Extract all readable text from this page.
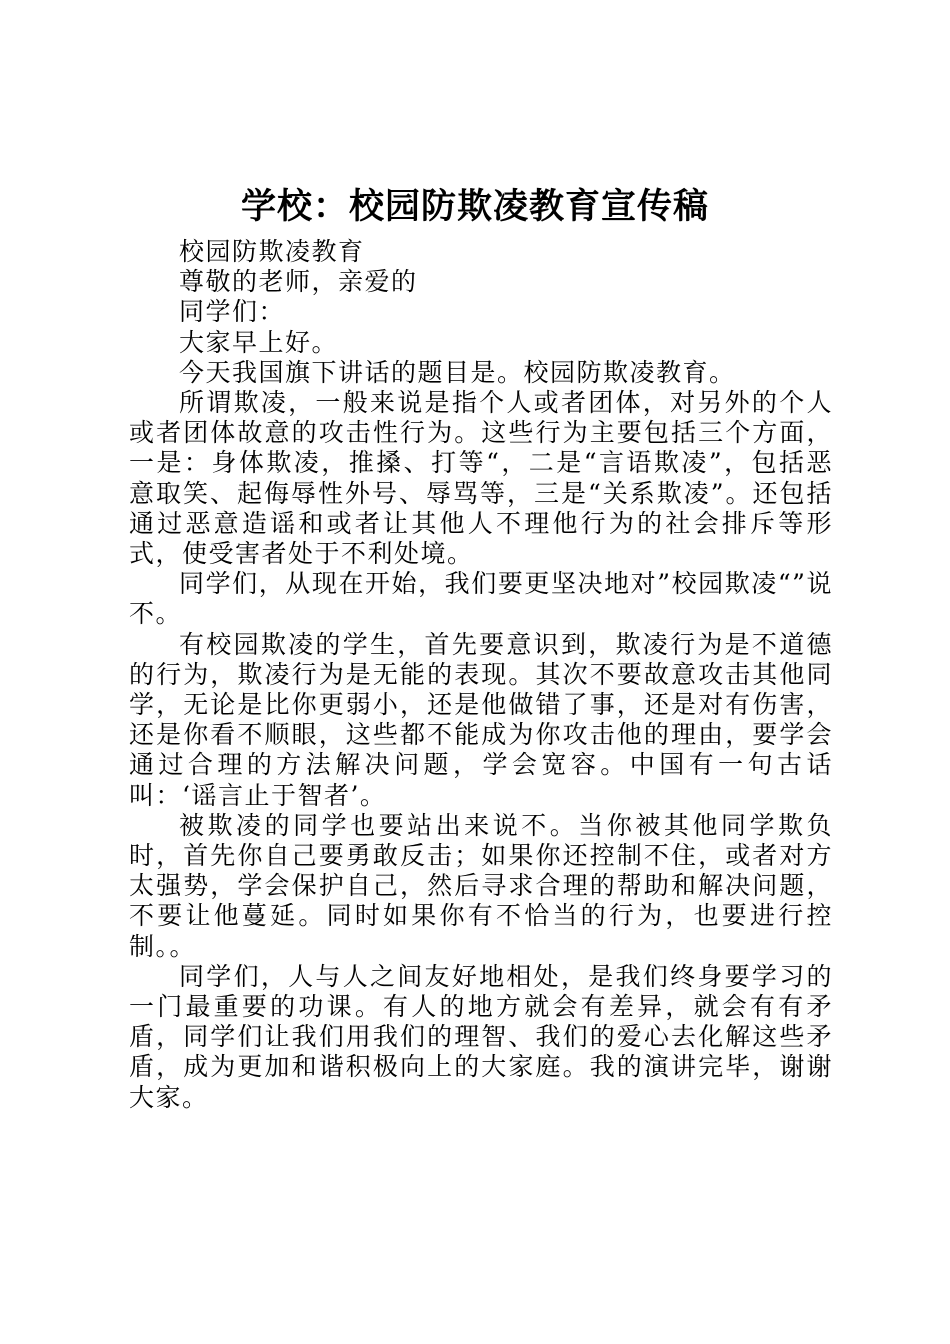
学校：校园防欺凌教育宣传稿

校园防欺凌教育

尊敬的老师，亲爱的

同学们：

大家早上好。

今天我国旗下讲话的题目是。校园防欺凌教育。

所谓欺凌，一般来说是指个人或者团体，对另外的个人或者团体故意的攻击性行为。这些行为主要包括三个方面，一是：身体欺凌，推搡、打等“，二是“言语欺凌”，包括恶意取笑、起侮辱性外号、辱骂等，三是“关系欺凌”。还包括通过恶意造谣和或者让其他人不理他行为的社会排斥等形式，使受害者处于不利处境。

同学们，从现在开始，我们要更坚决地对”校园欺凌“”说不。

有校园欺凌的学生，首先要意识到，欺凌行为是不道德的行为，欺凌行为是无能的表现。其次不要故意攻击其他同学，无论是比你更弱小，还是他做错了事，还是对有伤害，还是你看不顺眼，这些都不能成为你攻击他的理由，要学会通过合理的方法解决问题，学会宽容。中国有一句古话叫：‘谣言止于智者’。

被欺凌的同学也要站出来说不。当你被其他同学欺负时，首先你自己要勇敢反击；如果你还控制不住，或者对方太强势，学会保护自己，然后寻求合理的帮助和解决问题，不要让他蔓延。同时如果你有不恰当的行为，也要进行控制。。

同学们，人与人之间友好地相处，是我们终身要学习的一门最重要的功课。有人的地方就会有差异，就会有有矛盾，同学们让我们用我们的理智、我们的爱心去化解这些矛盾，成为更加和谐积极向上的大家庭。我的演讲完毕，谢谢大家。
